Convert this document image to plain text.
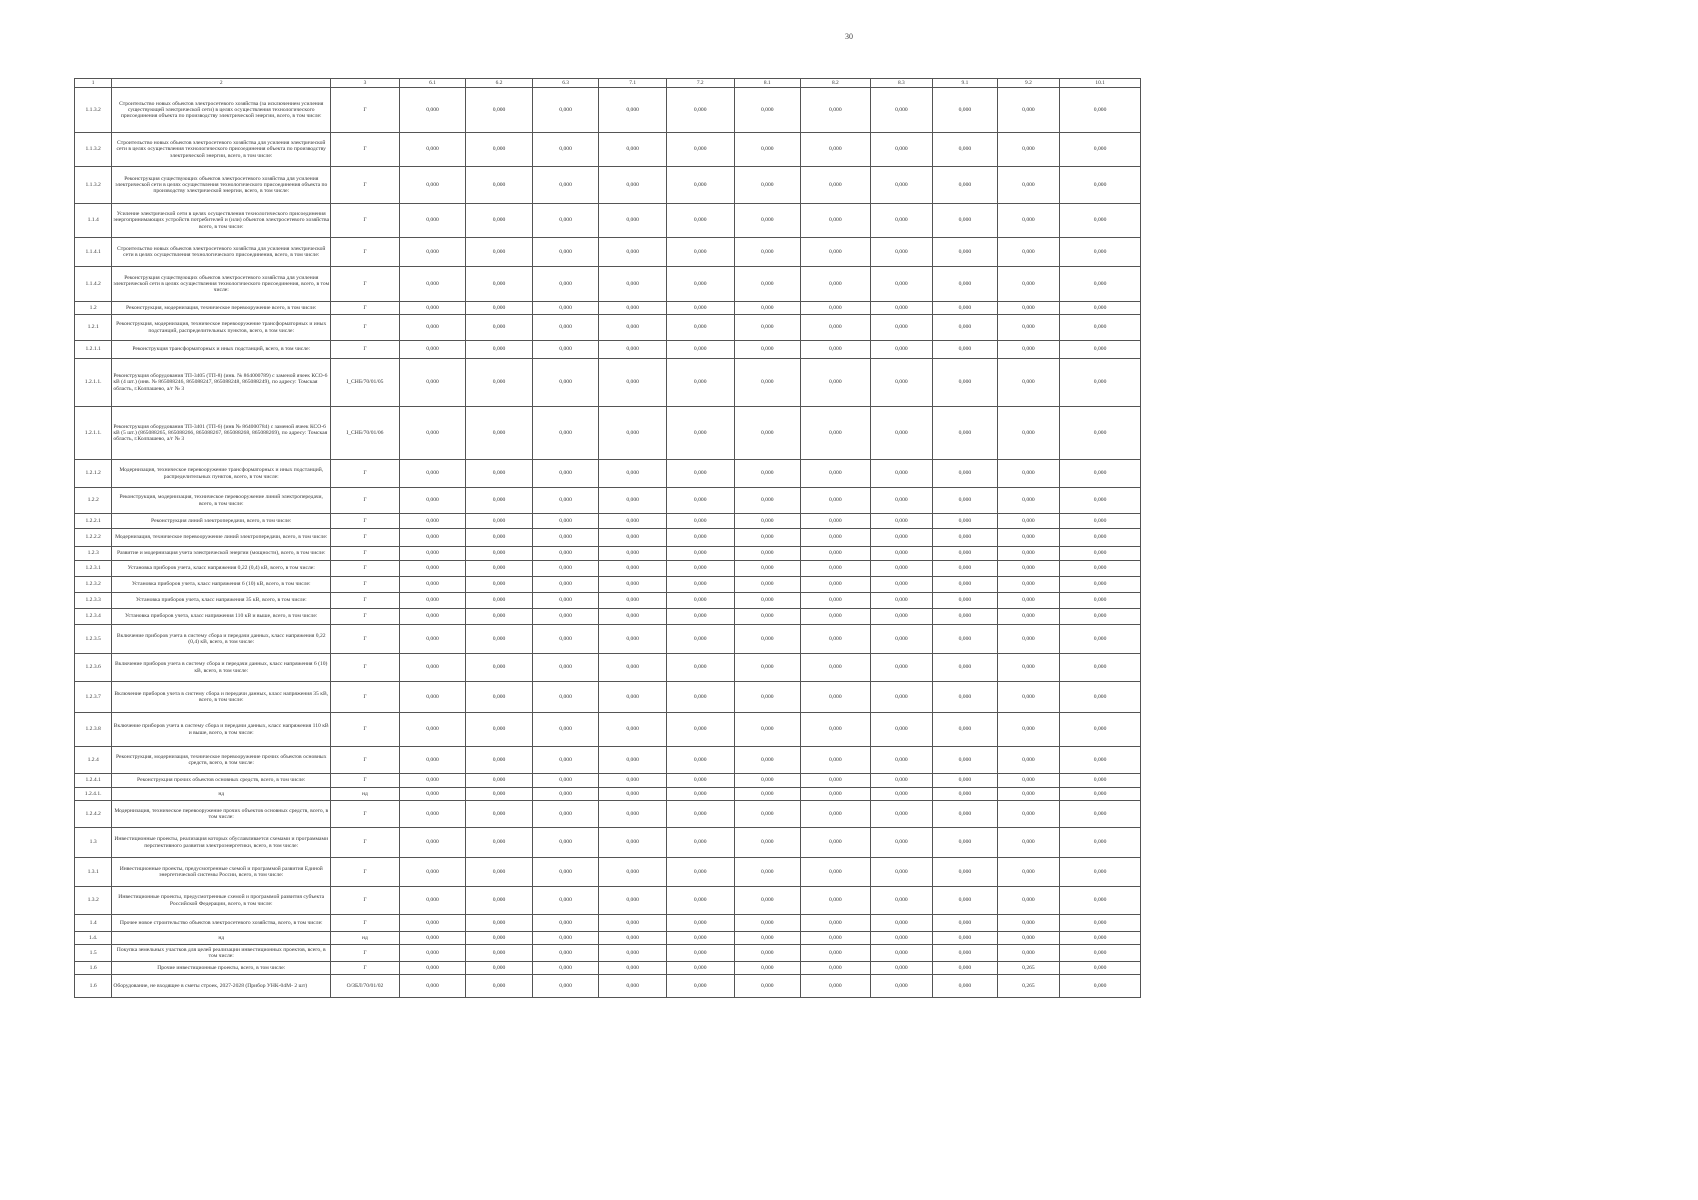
30
1	2	3	6.1	6.2	6.3	7.1	7.2	8.1	8.2	8.3	9.1	9.2	10.1
1.1.3.2	Строительство новых объектов электросетевого хозяйства (за исключением усиления существующей электрической сети) в целях осуществления технологического присоединения объекта по производству электрической энергии, всего, в том числе:	Г	0,000	0,000	0,000	0,000	0,000	0,000	0,000	0,000	0,000	0,000	0,000
1.1.3.2	Строительство новых объектов электросетевого хозяйства для усиления электрической сети в целях осуществления технологического присоединения объекта по производству электрической энергии, всего, в том числе:	Г	0,000	0,000	0,000	0,000	0,000	0,000	0,000	0,000	0,000	0,000	0,000
1.1.3.2	Реконструкция существующих объектов электросетевого хозяйства для усиления электрической сети в целях осуществления технологического присоединения объекта по производству электрической энергии, всего, в том числе:	Г	0,000	0,000	0,000	0,000	0,000	0,000	0,000	0,000	0,000	0,000	0,000
1.1.4	Усиление электрической сети в целях осуществления технологического присоединения энергопринимающих устройств потребителей и (или) объектов электросетевого хозяйства всего, в том числе:	Г	0,000	0,000	0,000	0,000	0,000	0,000	0,000	0,000	0,000	0,000	0,000
1.1.4.1	Строительство новых объектов электросетевого хозяйства для усиления электрической сети в целях осуществления технологического присоединения, всего, в том числе:	Г	0,000	0,000	0,000	0,000	0,000	0,000	0,000	0,000	0,000	0,000	0,000
1.1.4.2	Реконструкция существующих объектов электросетевого хозяйства для усиления электрической сети в целях осуществления технологического присоединения, всего, в том числе:	Г	0,000	0,000	0,000	0,000	0,000	0,000	0,000	0,000	0,000	0,000	0,000
1.2	Реконструкция, модернизация, техническое перевооружение всего, в том числе:	Г	0,000	0,000	0,000	0,000	0,000	0,000	0,000	0,000	0,000	0,000	0,000
1.2.1	Реконструкция, модернизация, техническое перевооружение трансформаторных и иных подстанций, распределительных пунктов, всего, в том числе:	Г	0,000	0,000	0,000	0,000	0,000	0,000	0,000	0,000	0,000	0,000	0,000
1.2.1.1	Реконструкция трансформаторных и иных подстанций, всего, в том числе:	Г	0,000	0,000	0,000	0,000	0,000	0,000	0,000	0,000	0,000	0,000	0,000
1.2.1.1.	Реконструкция оборудования ТП-3405 (ТП-8) (инв. № 864000789) с заменой ячеек КСО-6 кВ (4 шт.) (инв. № 865088246, 865088247, 865088248, 865088249), по адресу: Томская область, г.Колпашево, а/г № 3	I_СНБ/70/01/05	0,000	0,000	0,000	0,000	0,000	0,000	0,000	0,000	0,000	0,000	0,000
1.2.1.1.	Реконструкция оборудования ТП-3401 (ТП-6) (инв № 864000784) с заменой ячеек КСО-6 кВ (5 шт.) (865088265, 865088266, 865088267, 865088268, 865088269), по адресу: Томская область, г.Колпашево, а/г № 3	I_СНБ/70/01/06	0,000	0,000	0,000	0,000	0,000	0,000	0,000	0,000	0,000	0,000	0,000
1.2.1.2	Модернизация, техническое перевооружение трансформаторных и иных подстанций, распределительных пунктов, всего, в том числе:	Г	0,000	0,000	0,000	0,000	0,000	0,000	0,000	0,000	0,000	0,000	0,000
1.2.2	Реконструкция, модернизация, техническое перевооружение линий электропередачи, всего, в том числе:	Г	0,000	0,000	0,000	0,000	0,000	0,000	0,000	0,000	0,000	0,000	0,000
1.2.2.1	Реконструкция линий электропередачи, всего, в том числе:	Г	0,000	0,000	0,000	0,000	0,000	0,000	0,000	0,000	0,000	0,000	0,000
1.2.2.2	Модернизация, техническое перевооружение линий электропередачи, всего, в том числе:	Г	0,000	0,000	0,000	0,000	0,000	0,000	0,000	0,000	0,000	0,000	0,000
1.2.3	Развитие и модернизация учета электрической энергии (мощности), всего, в том числе:	Г	0,000	0,000	0,000	0,000	0,000	0,000	0,000	0,000	0,000	0,000	0,000
1.2.3.1	Установка приборов учета, класс напряжения 0,22 (0,4) кВ, всего, в том числе:	Г	0,000	0,000	0,000	0,000	0,000	0,000	0,000	0,000	0,000	0,000	0,000
1.2.3.2	Установка приборов учета, класс напряжения 6 (10) кВ, всего, в том числе:	Г	0,000	0,000	0,000	0,000	0,000	0,000	0,000	0,000	0,000	0,000	0,000
1.2.3.3	Установка приборов учета, класс напряжения 35 кВ, всего, в том числе:	Г	0,000	0,000	0,000	0,000	0,000	0,000	0,000	0,000	0,000	0,000	0,000
1.2.3.4	Установка приборов учета, класс напряжения 110 кВ и выше, всего, в том числе:	Г	0,000	0,000	0,000	0,000	0,000	0,000	0,000	0,000	0,000	0,000	0,000
1.2.3.5	Включение приборов учета в систему сбора и передачи данных, класс напряжения 0,22 (0,4) кВ, всего, в том числе:	Г	0,000	0,000	0,000	0,000	0,000	0,000	0,000	0,000	0,000	0,000	0,000
1.2.3.6	Включение приборов учета в систему сбора и передачи данных, класс напряжения 6 (10) кВ, всего, в том числе:	Г	0,000	0,000	0,000	0,000	0,000	0,000	0,000	0,000	0,000	0,000	0,000
1.2.3.7	Включение приборов учета в систему сбора и передачи данных, класс напряжения 35 кВ, всего, в том числе:	Г	0,000	0,000	0,000	0,000	0,000	0,000	0,000	0,000	0,000	0,000	0,000
1.2.3.8	Включение приборов учета в систему сбора и передачи данных, класс напряжения 110 кВ и выше, всего, в том числе:	Г	0,000	0,000	0,000	0,000	0,000	0,000	0,000	0,000	0,000	0,000	0,000
1.2.4	Реконструкция, модернизация, техническое перевооружение прочих объектов основных средств, всего, в том числе:	Г	0,000	0,000	0,000	0,000	0,000	0,000	0,000	0,000	0,000	0,000	0,000
1.2.4.1	Реконструкция прочих объектов основных средств, всего, в том числе:	Г	0,000	0,000	0,000	0,000	0,000	0,000	0,000	0,000	0,000	0,000	0,000
1.2.4.1.	нд	нд	0,000	0,000	0,000	0,000	0,000	0,000	0,000	0,000	0,000	0,000	0,000
1.2.4.2	Модернизация, техническое перевооружение прочих объектов основных средств, всего, в том числе:	Г	0,000	0,000	0,000	0,000	0,000	0,000	0,000	0,000	0,000	0,000	0,000
1.3	Инвестиционные проекты, реализация которых обуславливается схемами и программами перспективного развития электроэнергетики, всего, в том числе:	Г	0,000	0,000	0,000	0,000	0,000	0,000	0,000	0,000	0,000	0,000	0,000
1.3.1	Инвестиционные проекты, предусмотренные схемой и программой развития Единой энергетической системы России, всего, в том числе:	Г	0,000	0,000	0,000	0,000	0,000	0,000	0,000	0,000	0,000	0,000	0,000
1.3.2	Инвестиционные проекты, предусмотренные схемой и программой развития субъекта Российской Федерации, всего, в том числе:	Г	0,000	0,000	0,000	0,000	0,000	0,000	0,000	0,000	0,000	0,000	0,000
1.4	Прочее новое строительство объектов электросетевого хозяйства, всего, в том числе:	Г	0,000	0,000	0,000	0,000	0,000	0,000	0,000	0,000	0,000	0,000	0,000
1.4.	нд	нд	0,000	0,000	0,000	0,000	0,000	0,000	0,000	0,000	0,000	0,000	0,000
1.5	Покупка земельных участков для целей реализации инвестиционных проектов, всего, в том числе:	Г	0,000	0,000	0,000	0,000	0,000	0,000	0,000	0,000	0,000	0,000	0,000
1.6	Прочие инвестиционные проекты, всего, в том числе:	Г	0,000	0,000	0,000	0,000	0,000	0,000	0,000	0,000	0,000	0,265	0,000
1.6	Оборудование, не входящее в сметы строек, 2027-2028 (Прибор УНК-04М- 2 шт)	О/ЗБЛ/70/01/02	0,000	0,000	0,000	0,000	0,000	0,000	0,000	0,000	0,000	0,265	0,000
